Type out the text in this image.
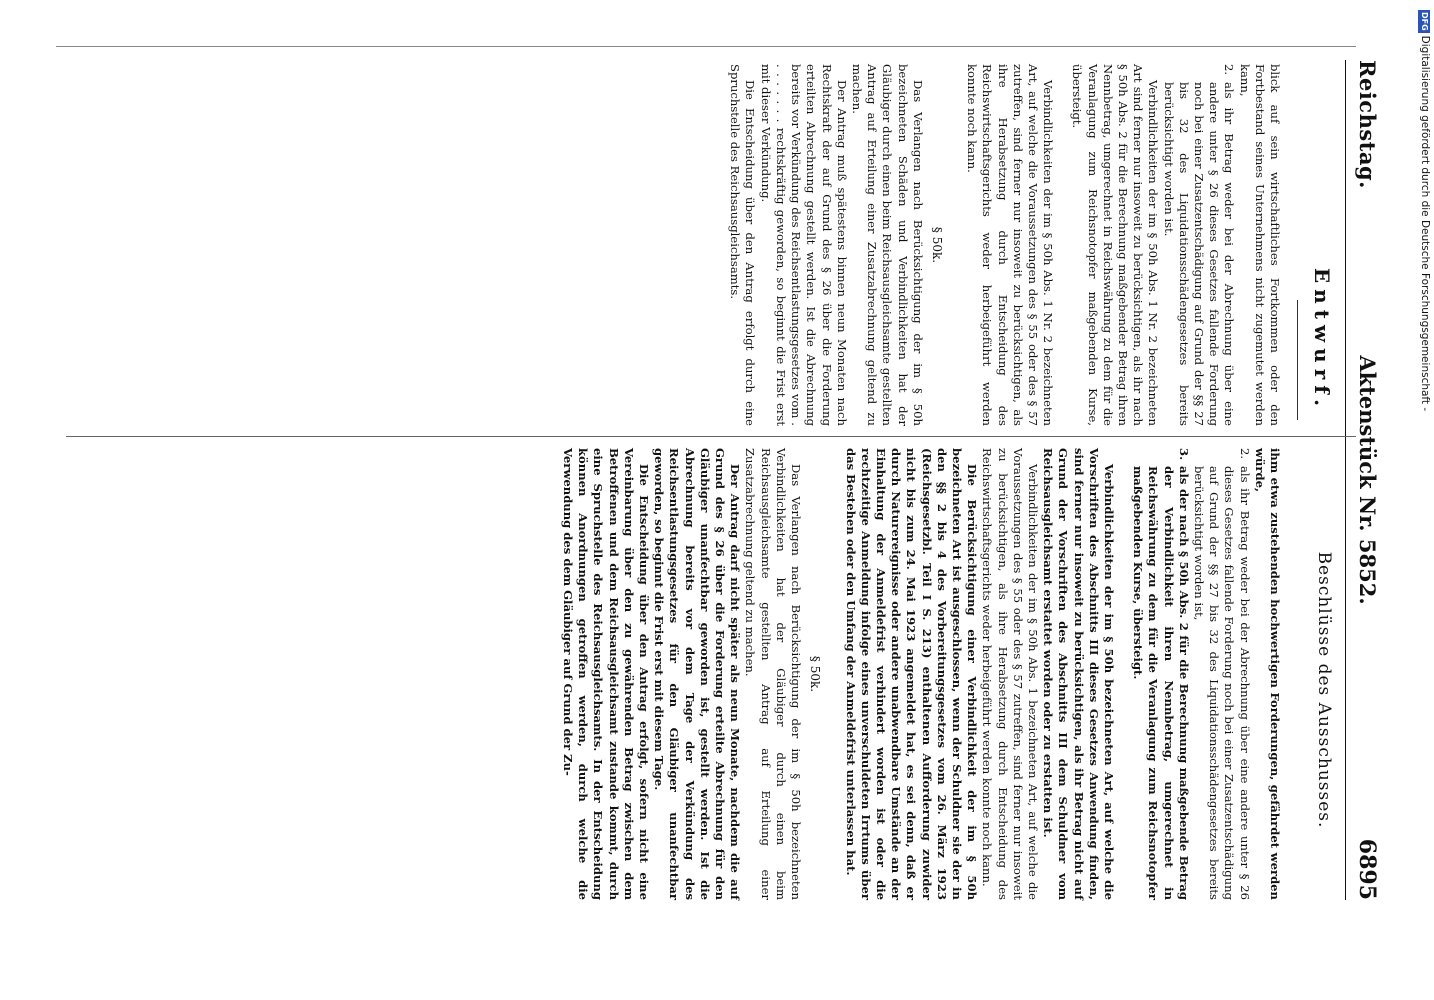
Reichstag.
Aktenstück Nr. 5852.
6895
Entwurf.
Beschlüsse des Ausschusses.

blick auf sein wirtschaftliches Fortkommen oder den Fortbestand seines Unternehmens nicht zugemutet werden kann,

2.
als ihr Betrag weder bei der Abrechnung über eine andere unter § 26 dieses Gesetzes fallende Forderung noch bei einer Zusatzentschädigung auf Grund der §§ 27 bis 32 des Liquidationsschädengesetzes bereits berücksichtigt worden ist.

Verbindlichkeiten der im § 50h Abs. 1 Nr. 2 bezeichneten Art sind ferner nur insoweit zu berücksichtigen, als ihr nach § 50h Abs. 2 für die Berechnung maßgebender Betrag ihren Nennbetrag, umgerechnet in Reichswährung zu dem für die Veranlagung zum Reichsnotopfer maßgebenden Kurse, übersteigt.

Verbindlichkeiten der im § 50h Abs. 1 Nr. 2 bezeichneten Art, auf welche die Voraussetzungen des § 55 oder des § 57 zutreffen, sind ferner nur insoweit zu berücksichtigen, als ihre Herabsetzung durch Entscheidung des Reichswirtschaftsgerichts weder herbeigeführt werden konnte noch kann.

§ 50k.

Das Verlangen nach Berücksichtigung der im § 50h bezeichneten Schäden und Verbindlichkeiten hat der Gläubiger durch einen beim Reichsausgleichsamte gestellten Antrag auf Erteilung einer Zusatzabrechnung geltend zu machen.

Der Antrag muß spätestens binnen neun Monaten nach Rechtskraft der auf Grund des § 26 über die Forderung erteilten Abrechnung gestellt werden. Ist die Abrechnung bereits vor Verkündung des Reichsentlastungsgesetzes vom . . . . . . . . rechtskräftig geworden, so beginnt die Frist erst mit dieser Verkündung.

Die Entscheidung über den Antrag erfolgt durch eine Spruchstelle des Reichsausgleichsamts.

ihm etwa zustehenden hochwertigen Forderungen, gefährdet werden würde,

2.
als ihr Betrag weder bei der Abrechnung über eine andere unter § 26 dieses Gesetzes fallende Forderung noch bei einer Zusatzentschädigung auf Grund der §§ 27 bis 32 des Liquidationsschädengesetzes bereits berücksichtigt worden ist,

3.
als der nach § 50h Abs. 2 für die Berechnung maßgebende Betrag der Verbindlichkeit ihren Nennbetrag, umgerechnet in Reichswährung zu dem für die Veranlagung zum Reichsnotopfer maßgebenden Kurse, übersteigt.

Verbindlichkeiten der im § 50h bezeichneten Art, auf welche die Vorschriften des Abschnitts III dieses Gesetzes Anwendung finden, sind ferner nur insoweit zu berücksichtigen, als ihr Betrag nicht auf Grund der Vorschriften des Abschnitts III dem Schuldner vom Reichsausgleichsamt erstattet worden oder zu erstatten ist.

Verbindlichkeiten der im § 50h Abs. 1 bezeichneten Art, auf welche die Voraussetzungen des § 55 oder des § 57 zutreffen, sind ferner nur insoweit zu berücksichtigen, als ihre Herabsetzung durch Entscheidung des Reichswirtschaftsgerichts weder herbeigeführt werden konnte noch kann.

Die Berücksichtigung einer Verbindlichkeit der im § 50h bezeichneten Art ist ausgeschlossen, wenn der Schuldner sie der in den §§ 2 bis 4 des Vorbereitungsgesetzes vom 26. März 1923 (Reichsgesetzbl. Teil I S. 213) enthaltenen Aufforderung zuwider nicht bis zum 24. Mai 1923 angemeldet hat, es sei denn, daß er durch Naturereignisse oder andere unabwendbare Umstände an der Einhaltung der Anmeldefrist verhindert worden ist oder die rechtzeitige Anmeldung infolge eines unverschuldeten Irrtums über das Bestehen oder den Umfang der Anmeldefrist unterlassen hat.

§ 50k.

Das Verlangen nach Berücksichtigung der im § 50h bezeichneten Verbindlichkeiten hat der Gläubiger durch einen beim Reichsausgleichsamte gestellten Antrag auf Erteilung einer Zusatzabrechnung geltend zu machen.

Der Antrag darf nicht später als neun Monate, nachdem die auf Grund des § 26 über die Forderung erteilte Abrechnung für den Gläubiger unanfechtbar geworden ist, gestellt werden. Ist die Abrechnung bereits vor dem Tage der Verkündung des Reichsentlastungsgesetzes für den Gläubiger unanfechtbar geworden, so beginnt die Frist erst mit diesem Tage.

Die Entscheidung über den Antrag erfolgt, sofern nicht eine Vereinbarung über den zu gewährenden Betrag zwischen dem Betroffenen und dem Reichsausgleichsamt zustande kommt, durch eine Spruchstelle des Reichsausgleichsamts. In der Entscheidung können Anordnungen getroffen werden, durch welche die Verwendung des dem Gläubiger auf Grund der Zu-

DFGDigitalisierung gefördert durch die Deutsche Forschungsgemeinschaft -
